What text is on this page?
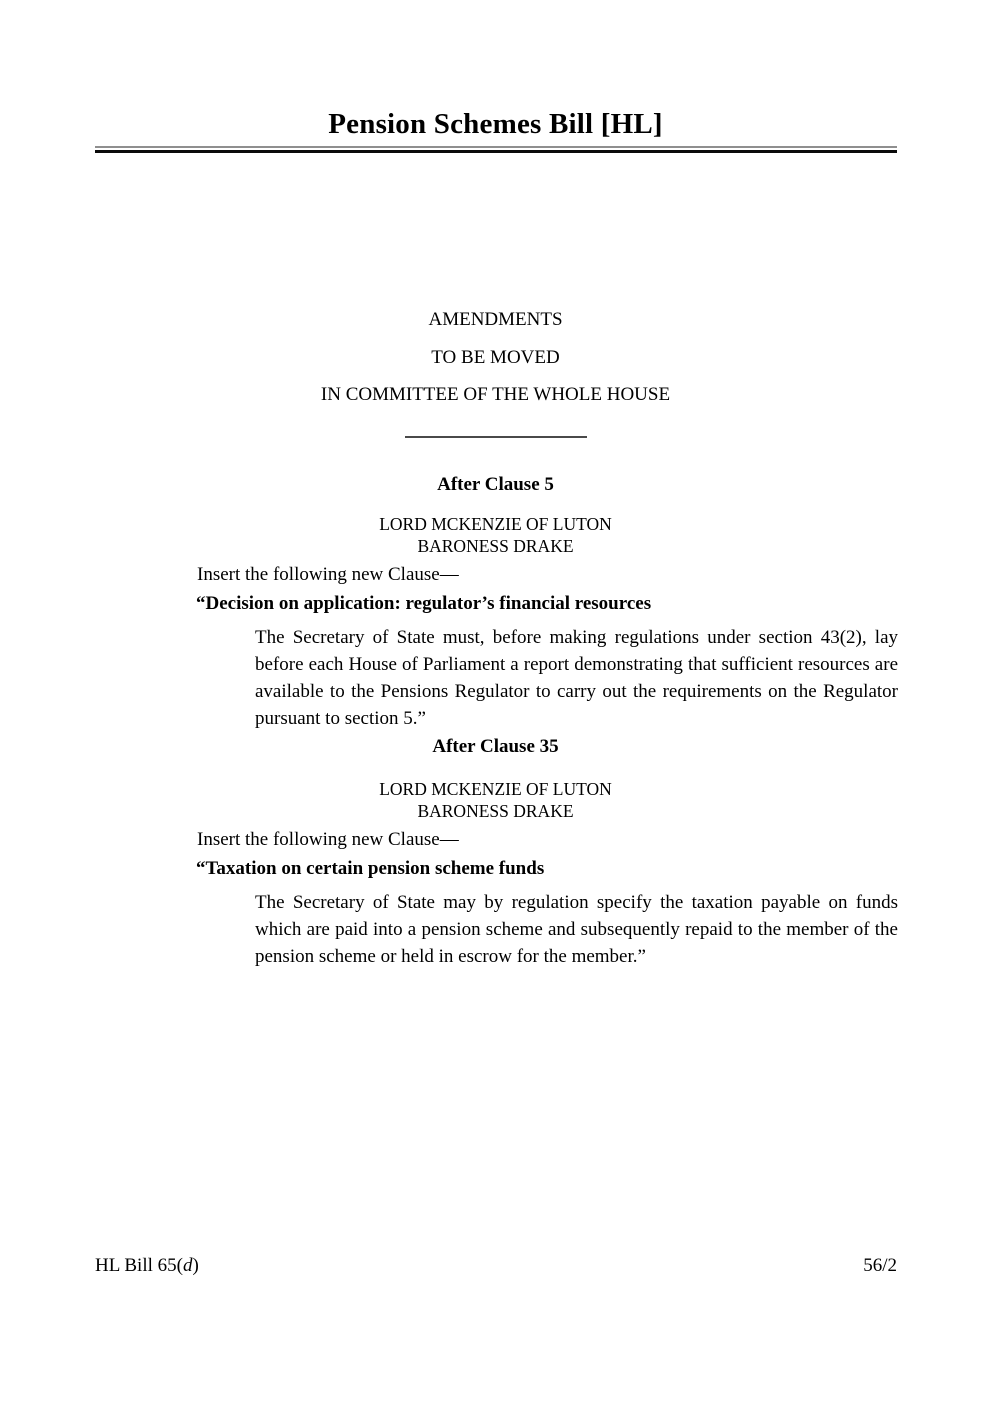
Pension Schemes Bill [HL]
AMENDMENTS
TO BE MOVED
IN COMMITTEE OF THE WHOLE HOUSE
After Clause 5
LORD MCKENZIE OF LUTON
BARONESS DRAKE
Insert the following new Clause—
“Decision on application: regulator’s financial resources

The Secretary of State must, before making regulations under section 43(2), lay before each House of Parliament a report demonstrating that sufficient resources are available to the Pensions Regulator to carry out the requirements on the Regulator pursuant to section 5.”

After Clause 35
LORD MCKENZIE OF LUTON
BARONESS DRAKE
Insert the following new Clause—
“Taxation on certain pension scheme funds

The Secretary of State may by regulation specify the taxation payable on funds which are paid into a pension scheme and subsequently repaid to the member of the pension scheme or held in escrow for the member.”

HL Bill 65(d)	56/2
